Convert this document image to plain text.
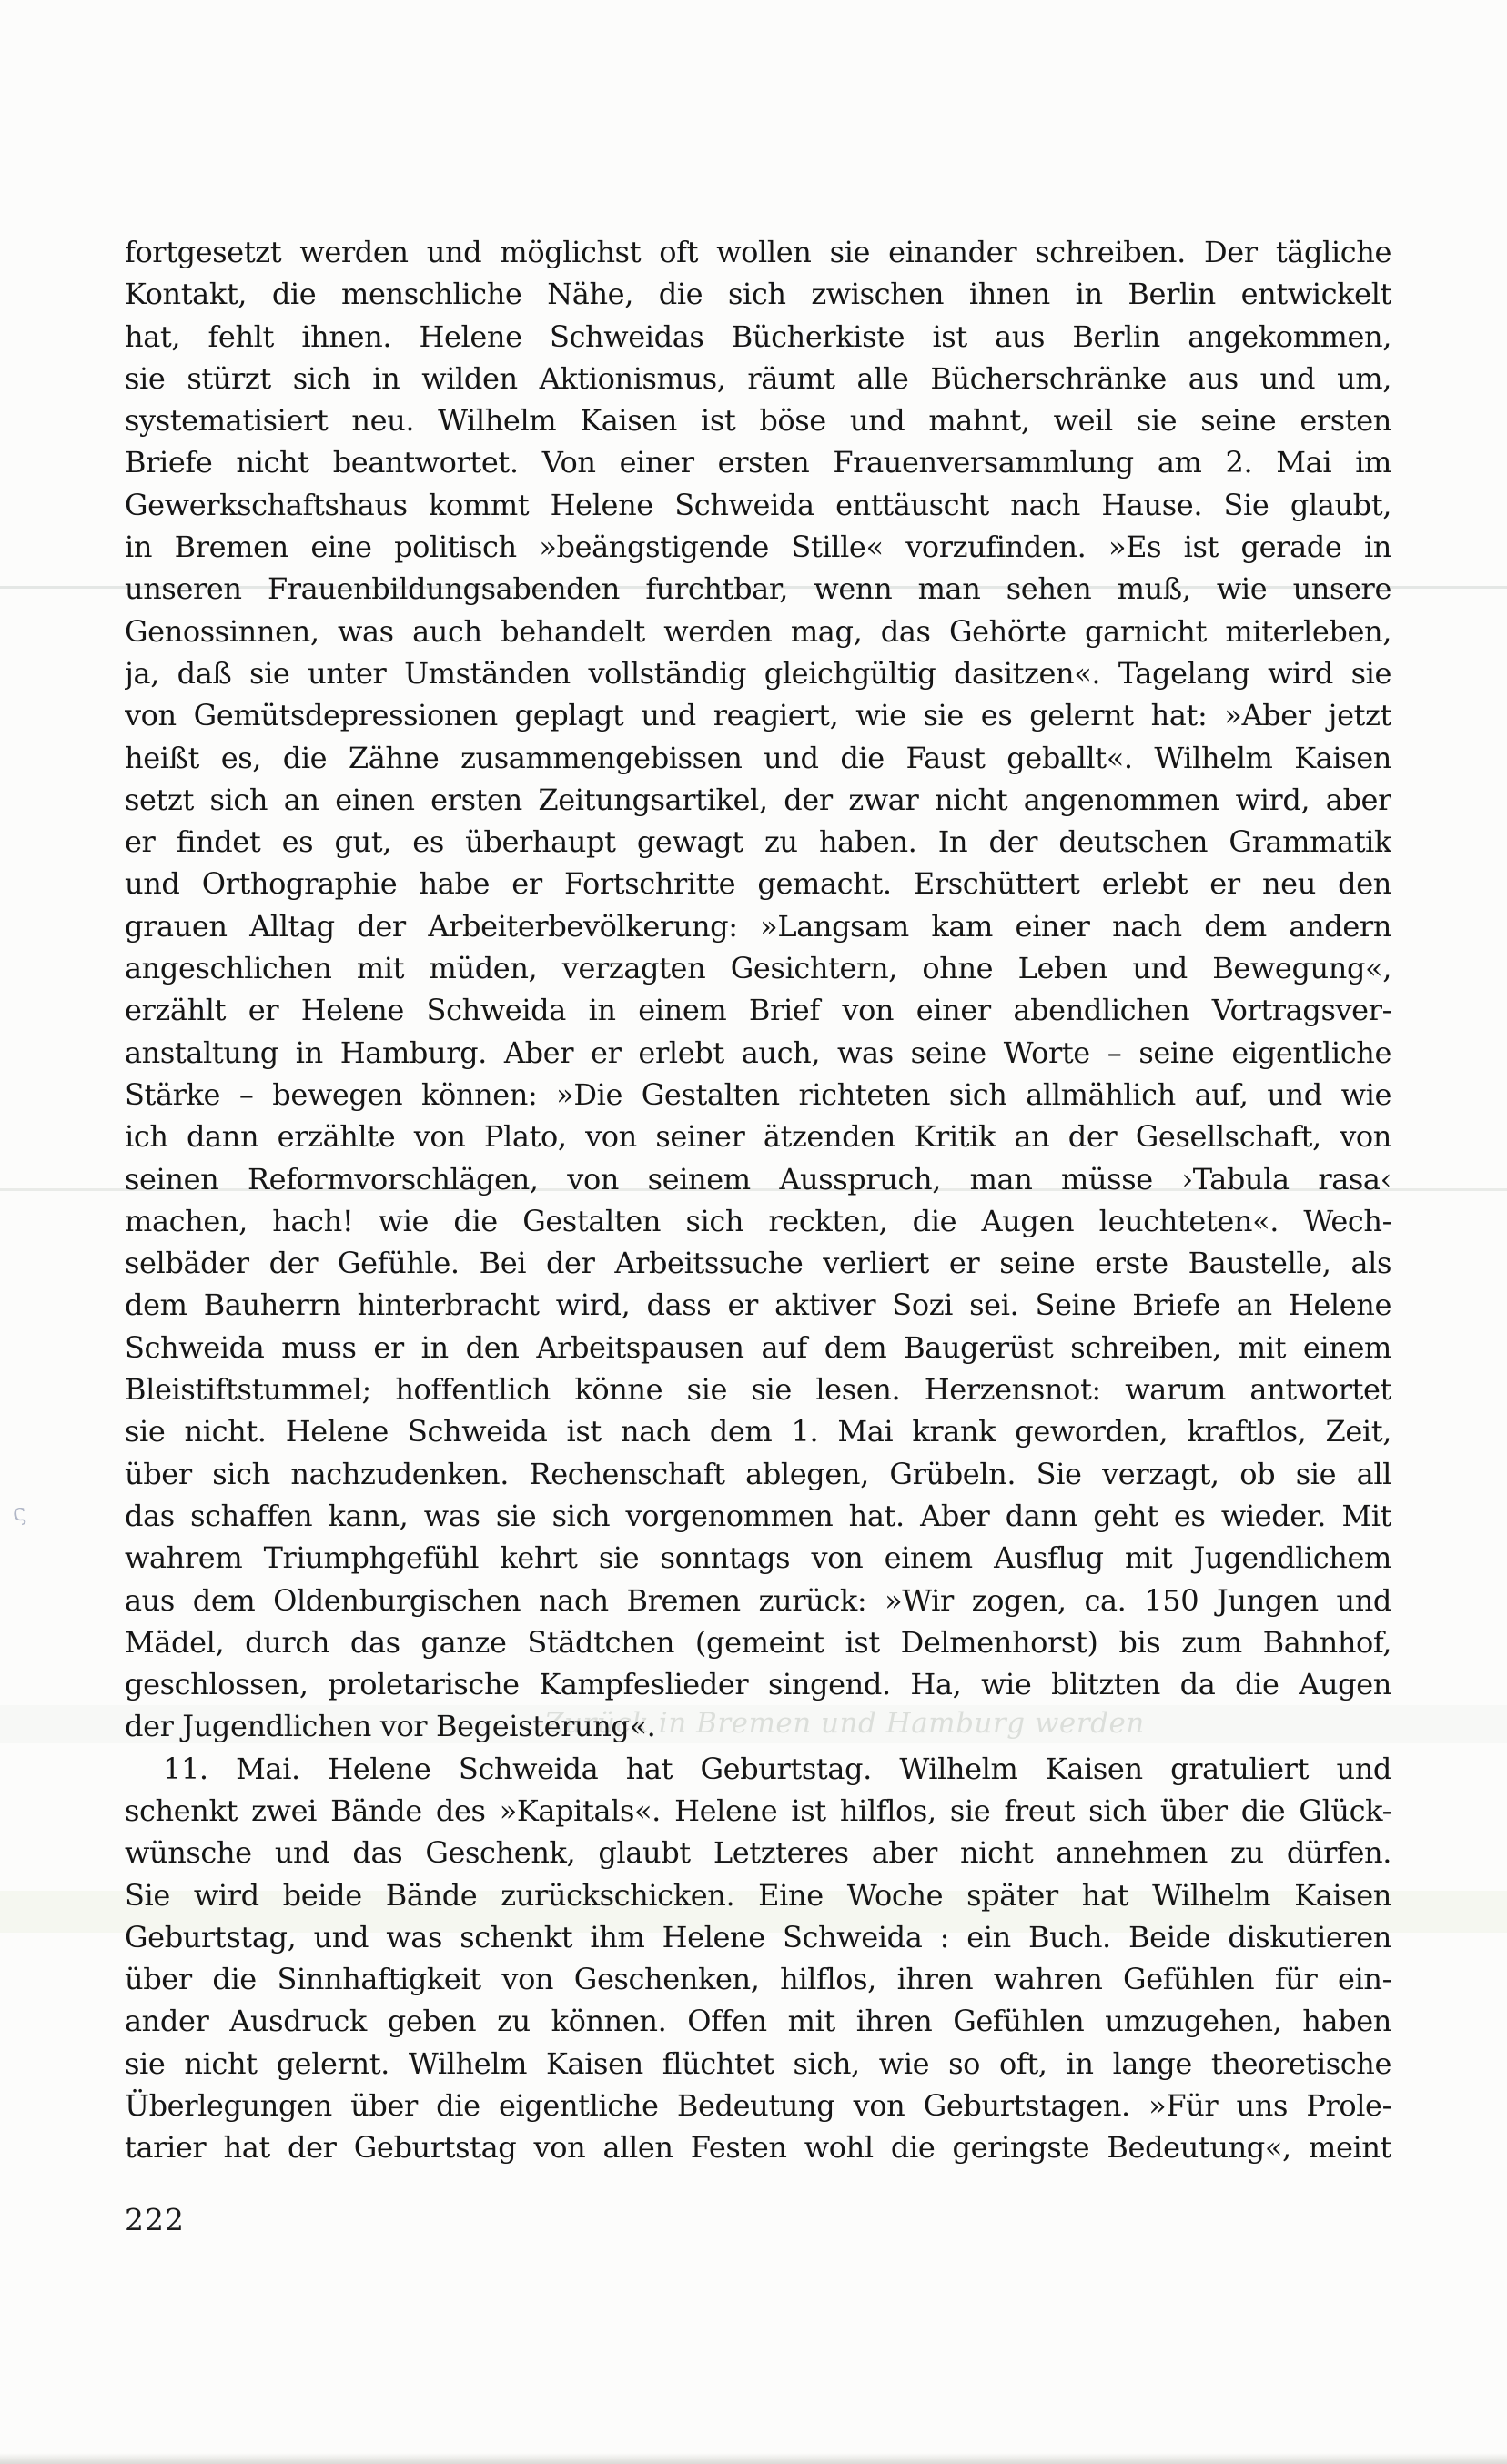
Zurück in Bremen und Hamburg werden
ς
fortgesetzt werden und möglichst oft wollen sie einander schreiben. Der tägliche
Kontakt, die menschliche Nähe, die sich zwischen ihnen in Berlin entwickelt
hat, fehlt ihnen. Helene Schweidas Bücherkiste ist aus Berlin angekommen,
sie stürzt sich in wilden Aktionismus, räumt alle Bücherschränke aus und um,
systematisiert neu. Wilhelm Kaisen ist böse und mahnt, weil sie seine ersten
Briefe nicht beantwortet. Von einer ersten Frauenversammlung am 2. Mai im
Gewerkschaftshaus kommt Helene Schweida enttäuscht nach Hause. Sie glaubt,
in Bremen eine politisch »beängstigende Stille« vorzufinden. »Es ist gerade in
unseren Frauenbildungsabenden furchtbar, wenn man sehen muß, wie unsere
Genossinnen, was auch behandelt werden mag, das Gehörte garnicht miterleben,
ja, daß sie unter Umständen vollständig gleichgültig dasitzen«. Tagelang wird sie
von Gemütsdepressionen geplagt und reagiert, wie sie es gelernt hat: »Aber jetzt
heißt es, die Zähne zusammengebissen und die Faust geballt«. Wilhelm Kaisen
setzt sich an einen ersten Zeitungsartikel, der zwar nicht angenommen wird, aber
er findet es gut, es überhaupt gewagt zu haben. In der deutschen Grammatik
und Orthographie habe er Fortschritte gemacht. Erschüttert erlebt er neu den
grauen Alltag der Arbeiterbevölkerung: »Langsam kam einer nach dem andern
angeschlichen mit müden, verzagten Gesichtern, ohne Leben und Bewegung«,
erzählt er Helene Schweida in einem Brief von einer abendlichen Vortragsver-
anstaltung in Hamburg. Aber er erlebt auch, was seine Worte – seine eigentliche
Stärke – bewegen können: »Die Gestalten richteten sich allmählich auf, und wie
ich dann erzählte von Plato, von seiner ätzenden Kritik an der Gesellschaft, von
seinen Reformvorschlägen, von seinem Ausspruch, man müsse ›Tabula rasa‹
machen, hach! wie die Gestalten sich reckten, die Augen leuchteten«. Wech-
selbäder der Gefühle. Bei der Arbeitssuche verliert er seine erste Baustelle, als
dem Bauherrn hinterbracht wird, dass er aktiver Sozi sei. Seine Briefe an Helene
Schweida muss er in den Arbeitspausen auf dem Baugerüst schreiben, mit einem
Bleistiftstummel; hoffentlich könne sie sie lesen. Herzensnot: warum antwortet
sie nicht. Helene Schweida ist nach dem 1. Mai krank geworden, kraftlos, Zeit,
über sich nachzudenken. Rechenschaft ablegen, Grübeln. Sie verzagt, ob sie all
das schaffen kann, was sie sich vorgenommen hat. Aber dann geht es wieder. Mit
wahrem Triumphgefühl kehrt sie sonntags von einem Ausflug mit Jugendlichem
aus dem Oldenburgischen nach Bremen zurück: »Wir zogen, ca. 150 Jungen und
Mädel, durch das ganze Städtchen (gemeint ist Delmenhorst) bis zum Bahnhof,
geschlossen, proletarische Kampfeslieder singend. Ha, wie blitzten da die Augen
der Jugendlichen vor Begeisterung«.
11. Mai. Helene Schweida hat Geburtstag. Wilhelm Kaisen gratuliert und
schenkt zwei Bände des »Kapitals«. Helene ist hilflos, sie freut sich über die Glück-
wünsche und das Geschenk, glaubt Letzteres aber nicht annehmen zu dürfen.
Sie wird beide Bände zurückschicken. Eine Woche später hat Wilhelm Kaisen
Geburtstag, und was schenkt ihm Helene Schweida : ein Buch. Beide diskutieren
über die Sinnhaftigkeit von Geschenken, hilflos, ihren wahren Gefühlen für ein-
ander Ausdruck geben zu können. Offen mit ihren Gefühlen umzugehen, haben
sie nicht gelernt. Wilhelm Kaisen flüchtet sich, wie so oft, in lange theoretische
Überlegungen über die eigentliche Bedeutung von Geburtstagen. »Für uns Prole-
tarier hat der Geburtstag von allen Festen wohl die geringste Bedeutung«, meint
222
